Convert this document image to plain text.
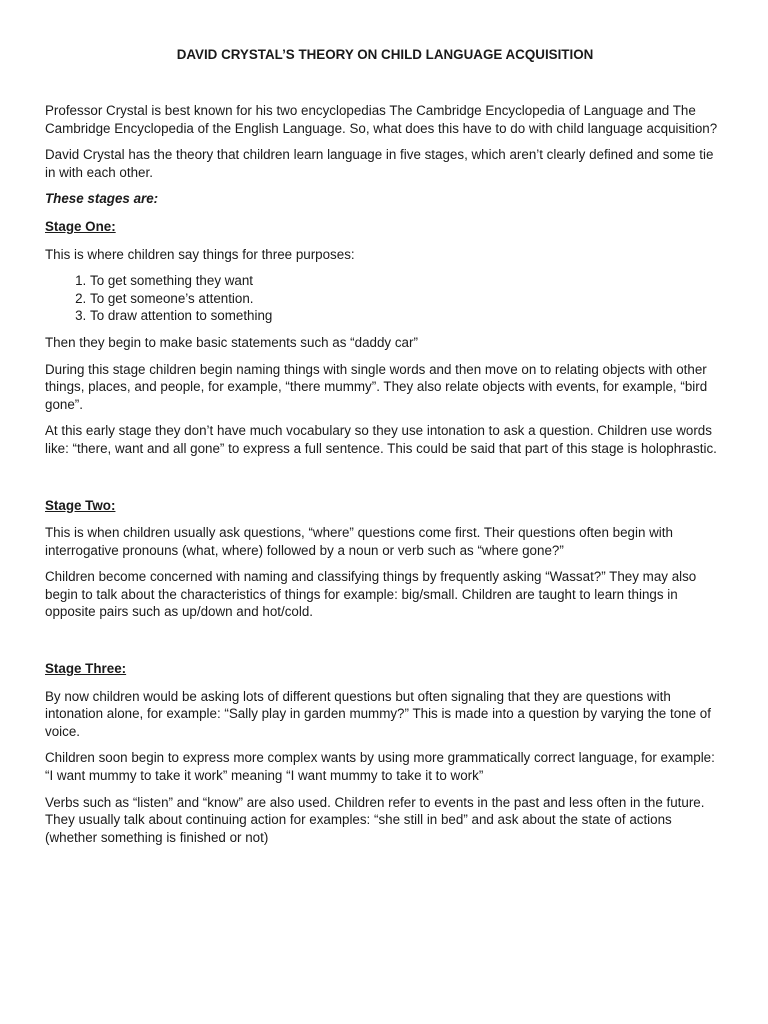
DAVID CRYSTAL’S THEORY ON CHILD LANGUAGE ACQUISITION

Professor Crystal is best known for his two encyclopedias The Cambridge Encyclopedia of Language and The Cambridge Encyclopedia of the English Language. So, what does this have to do with child language acquisition?

David Crystal has the theory that children learn language in five stages, which aren’t clearly defined and some tie in with each other.

These stages are:

Stage One:

This is where children say things for three purposes:

1. To get something they want
2. To get someone’s attention.
3. To draw attention to something

Then they begin to make basic statements such as “daddy car”

During this stage children begin naming things with single words and then move on to relating objects with other things, places, and people, for example, “there mummy”. They also relate objects with events, for example, “bird gone”.

At this early stage they don’t have much vocabulary so they use intonation to ask a question. Children use words like: “there, want and all gone” to express a full sentence. This could be said that part of this stage is holophrastic.

Stage Two:

This is when children usually ask questions, “where” questions come first. Their questions often begin with interrogative pronouns (what, where) followed by a noun or verb such as “where gone?”

Children become concerned with naming and classifying things by frequently asking “Wassat?” They may also begin to talk about the characteristics of things for example: big/small. Children are taught to learn things in opposite pairs such as up/down and hot/cold.

Stage Three:

By now children would be asking lots of different questions but often signaling that they are questions with intonation alone, for example: “Sally play in garden mummy?” This is made into a question by varying the tone of voice.

Children soon begin to express more complex wants by using more grammatically correct language, for example: “I want mummy to take it work” meaning “I want mummy to take it to work”

Verbs such as “listen” and “know” are also used. Children refer to events in the past and less often in the future. They usually talk about continuing action for examples: “she still in bed” and ask about the state of actions (whether something is finished or not)
